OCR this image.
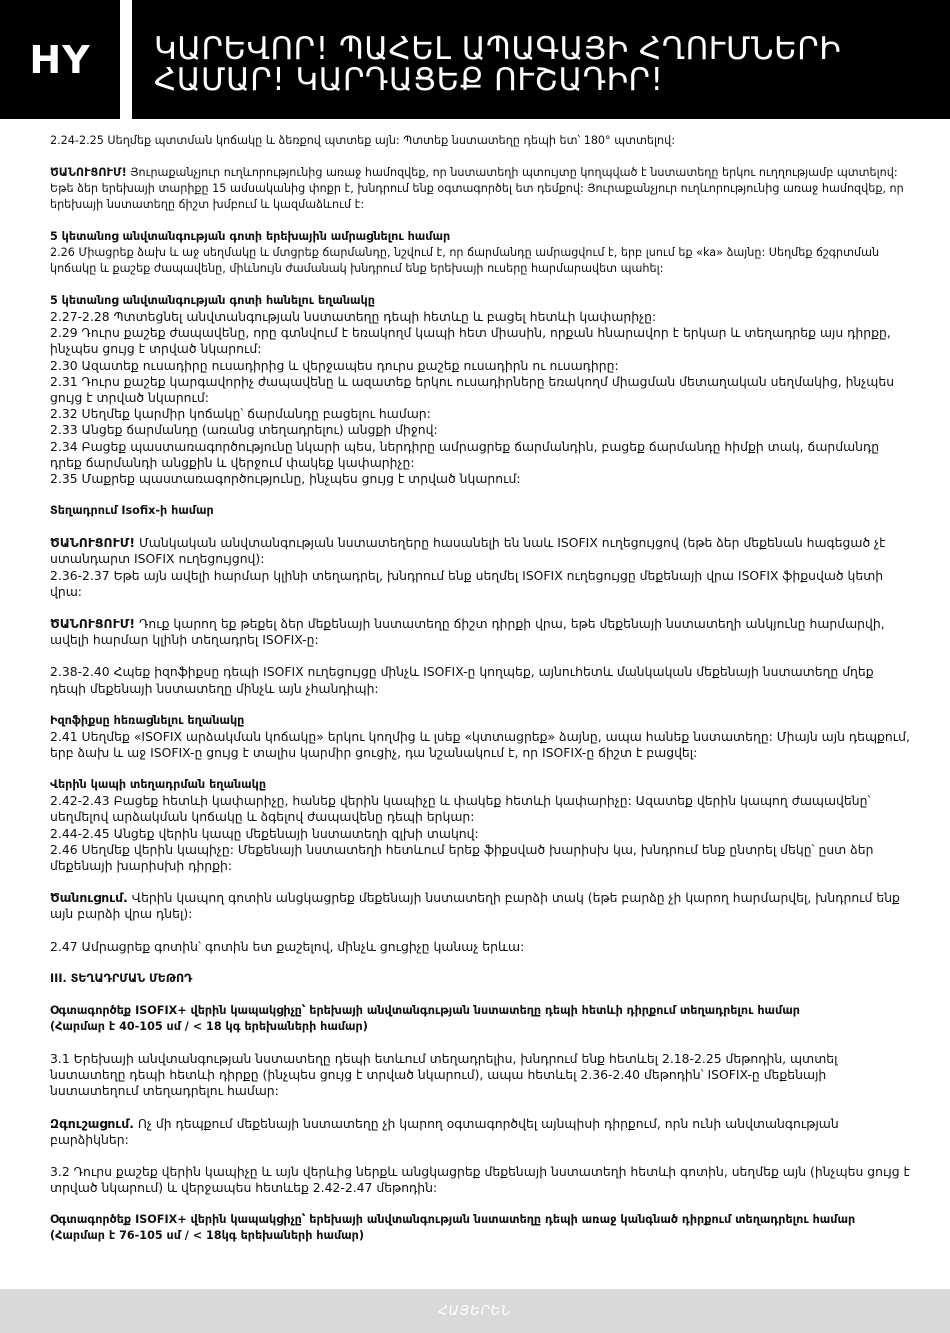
HY ԿԱՐԵՎՈՐ! ՊԱՀԵԼ ԱՊԱԳԱՅԻ ՀՂՈՒՄՆԵՐԻ
ՀԱՄԱՐ! ԿԱՐԴԱՑԵՔ ՈՒՇԱԴԻՐ!

2.24-2.25 Սեղմեք պտտման կոճակը և ձեռքով պտտեք այն: Պտտեք նստատեղը դեպի ետ՝ 180° պտտելով:

ԾԱՆՈՒՑՈՒՄ! Յուրաքանչյուր ուղևորությունից առաջ համոզվեք, որ նստատեղի պտույտը կողպված է նստատեղը երկու ուղղությամբ պտտելով: Եթե ձեր երեխայի տարիքը 15 ամսականից փոքր է, խնդրում ենք օգտագործել ետ դեմքով: Յուրաքանչյուր ուղևորությունից առաջ համոզվեք, որ երեխայի նստատեղը ճիշտ խմբում և կազմաձևում է:

5 կետանոց անվտանգության գոտի երեխային ամրացնելու համար

2.26 Միացրեք ձախ և աջ սեղմակը և մտցրեք ճարմանդը, նշվում է, որ ճարմանդը ամրացվում է, երբ լսում եք «ka» ձայնը: Սեղմեք ճշգրտման կոճակը և քաշեք ժապավենը, միևնույն ժամանակ խնդրում ենք երեխայի ուսերը հարմարավետ պահել:

5 կետանոց անվտանգության գոտի հանելու եղանակը

2.27-2.28 Պտտեցնել անվտանգության նստատեղը դեպի հետևը և բացել հետևի կափարիչը:

2.29 Դուրս քաշեք ժապավենը, որը գտնվում է եռակողմ կապի հետ միասին, որքան հնարավոր է երկար և տեղադրեք այս դիրքը, ինչպես ցույց է տրված նկարում:

2.30 Ազատեք ուսադիրը ուսադիրից և վերջապես դուրս քաշեք ուսադիրն ու ուսադիրը:

2.31 Դուրս քաշեք կարգավորիչ ժապավենը և ազատեք երկու ուսադիրները եռակողմ միացման մետաղական սեղմակից, ինչպես ցույց է տրված նկարում:

2.32 Սեղմեք կարմիր կոճակը՝ ճարմանդը բացելու համար:

2.33 Անցեք ճարմանդը (առանց տեղադրելու) անցքի միջով:

2.34 Բացեք պաստառագործությունը նկարի պես, ներդիրը ամրացրեք ճարմանդին, բացեք ճարմանդը հիմքի տակ, ճարմանդը դրեք ճարմանդի անցքին և վերջում փակեք կափարիչը:

2.35 Մաքրեք պաստառագործությունը, ինչպես ցույց է տրված նկարում:

Տեղադրում Isofix-ի համար

ԾԱՆՈՒՑՈՒՄ! Մանկական անվտանգության նստատեղերը հասանելի են նաև ISOFIX ուղեցույցով (եթե ձեր մեքենան հագեցած չէ ստանդարտ ISOFIX ուղեցույցով):

2.36-2.37 Եթե այն ավելի հարմար կլինի տեղադրել, խնդրում ենք սեղմել ISOFIX ուղեցույցը մեքենայի վրա ISOFIX ֆիքսված կետի վրա:

ԾԱՆՈՒՑՈՒՄ! Դուք կարող եք թեքել ձեր մեքենայի նստատեղը ճիշտ դիրքի վրա, եթե մեքենայի նստատեղի անկյունը հարմարվի, ավելի հարմար կլինի տեղադրել ISOFIX-ը:

2.38-2.40 Հպեք իզոֆիքսը դեպի ISOFIX ուղեցույցը մինչև ISOFIX-ը կողպեք, այնուհետև մանկական մեքենայի նստատեղը մղեք դեպի մեքենայի նստատեղը մինչև այն չհանդիպի:

Իզոֆիքսը հեռացնելու եղանակը

2.41 Սեղմեք «ISOFIX արձակման կոճակը» երկու կողմից և լսեք «կտտացրեք» ձայնը, ապա հանեք նստատեղը: Միայն այն դեպքում, երբ ձախ և աջ ISOFIX-ը ցույց է տալիս կարմիր ցուցիչ, դա նշանակում է, որ ISOFIX-ը ճիշտ է բացվել:

Վերին կապի տեղադրման եղանակը

2.42-2.43 Բացեք հետևի կափարիչը, հանեք վերին կապիչը և փակեք հետևի կափարիչը: Ազատեք վերին կապող ժապավենը՝ սեղմելով արձակման կոճակը և ձգելով ժապավենը դեպի երկար:

2.44-2.45 Անցեք վերին կապը մեքենայի նստատեղի գլխի տակով:

2.46 Սեղմեք վերին կապիչը: Մեքենայի նստատեղի հետևում երեք ֆիքսված խարիսխ կա, խնդրում ենք ընտրել մեկը՝ ըստ ձեր մեքենայի խարիսխի դիրքի:

Ծանուցում. Վերին կապող գոտին անցկացրեք մեքենայի նստատեղի բարձի տակ (եթե բարձը չի կարող հարմարվել, խնդրում ենք այն բարձի վրա դնել):

2.47 Ամրացրեք գոտին՝ գոտին ետ քաշելով, մինչև ցուցիչը կանաչ երևա:

III. ՏԵՂԱԴՐՄԱՆ ՄԵԹՈԴ

Օգտագործեք ISOFIX+ վերին կապակցիչը՝ երեխայի անվտանգության նստատեղը դեպի հետևի դիրքում տեղադրելու համար

(Հարմար է 40-105 սմ / < 18 կգ երեխաների համար)

3.1 Երեխայի անվտանգության նստատեղը դեպի ետևում տեղադրելիս, խնդրում ենք հետևել 2.18-2.25 մեթոդին, պտտել նստատեղը դեպի հետևի դիրքը (ինչպես ցույց է տրված նկարում), ապա հետևել 2.36-2.40 մեթոդին՝ ISOFIX-ը մեքենայի նստատեղում տեղադրելու համար:

Զգուշացում. Ոչ մի դեպքում մեքենայի նստատեղը չի կարող օգտագործվել այնպիսի դիրքում, որն ունի անվտանգության բարձիկներ:

3.2 Դուրս քաշեք վերին կապիչը և այն վերևից ներքև անցկացրեք մեքենայի նստատեղի հետևի գոտին, սեղմեք այն (ինչպես ցույց է տրված նկարում) և վերջապես հետևեք 2.42-2.47 մեթոդին:

Օգտագործեք ISOFIX+ վերին կապակցիչը՝ երեխայի անվտանգության նստատեղը դեպի առաջ կանգնած դիրքում տեղադրելու համար

(Հարմար է 76-105 սմ / < 18կգ երեխաների համար)

ՀԱՅԵՐԵՆ
